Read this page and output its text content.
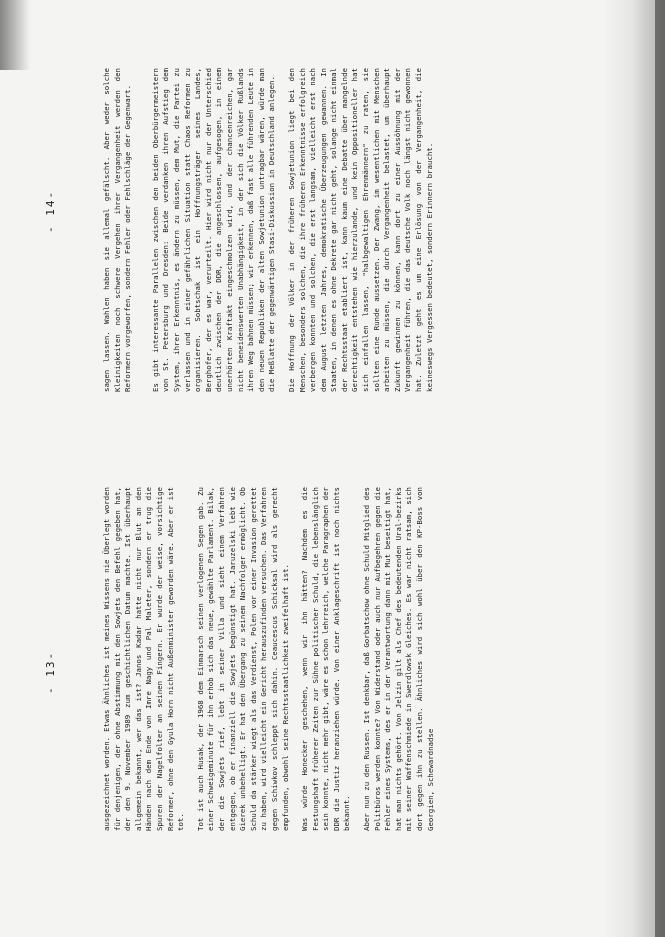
- 13-
- 14-

ausgezeichnet worden. Etwas Ähnliches ist meines Wissens nie Überlegt worden für denjenigen, der ohne Abstimmung mit den Sowjets den Befehl gegeben hat, der den 9. November 1989 zum geschichtlichen Datum machte. Ist überhaupt allgemein bekannt, wer das ist? Janos Kadar hatte nicht nur Blut an den Händen nach dem Ende von Imre Nagy und Pal Maleter, sondern er trug die Spuren der Nagelfolter an seinen Fingern. Er wurde der weise, vorsichtige Reformer, ohne den Gyula Horn nicht Außenminister geworden wäre. Aber er ist tot. Tot ist auch Husak, der 1968 dem Einmarsch seinen verlogenen Segen gab. Zu einer Schweigeminute für ihn erhob sich das neue, gewählte Parlament. Bilak, der die Sowjets rief, lebt in seiner Villa und sieht einem Verfahren entgegen, ob er finanziell die Sowjets begünstigt hat. Jaruzelski lebt wie Gierek unbehelligt. Er hat den Übergang zu seinem Nachfolger ermöglicht. Ob Schuld da stärker wiegt als das Verdienst, Polen vor einer Invasion gerettet zu haben, wird vielleicht ein Gericht herauszufinden versuchen. Das Verfahren gegen Schiwkov schleppt sich dahin. Ceaucescus Schicksal wird als gerecht empfunden, obwohl seine Rechtsstaatlichkeit zweifelhaft ist. Was würde Honecker geschehen, wenn wir ihn hätten? Nachdem es die Festungshaft früherer Zeiten zur Sühne politischer Schuld, die lebenslänglich sein konnte, nicht mehr gibt, wäre es schon lehrreich, welche Paragraphen der DDR die Justiz heranziehen würde. Von einer Anklageschrift ist noch nichts bekannt. Aber nun zu den Russen. Ist denkbar, daß Gorbatschow ohne Schuld Mitglied des Politbüros werden konnte? Von Widerstand oder auch nur Aufbegehren gegen die Fehler eines Systems, des er in der Verantwortung dann mit Mut beseitigt hat, hat man nichts gehört. Von Jelzin gilt als Chef des bedeutenden Ural-bezirks mit seiner Waffenschmiede in Swerdlowsk Gleiches. Es war nicht ratsam, sich dort gegen ihn zu stellen. Ähnliches wird sich wohl über den KP-Boss von Georgien, Schewardnadse

sagen lassen. Wahlen haben sie allemal gefälscht. Aber weder solche Kleinigkeiten noch schwere Vergehen ihrer Vergangenheit werden den Reformern vorgeworfen, sondern Fehler oder Fehlschläge der Gegenwart.	Es gibt interessante Parallelen zwischen den beiden Oberbürgermeistern von St. Petersburg und Dresden: Beide verdanken ihren Aufstieg dem System, ihrer Erkenntnis, es ändern zu müssen, dem Mut, die Partei zu verlassen und in einer gefährlichen Situation statt Chaos Reformen zu organisieren. Sobtschak ist ein Hoffnungsträger seines Landes, Berghofer, der es war, verurteilt. Hier wird nicht nur der Unterschied deutlich zwischen der DDR, die angeschlossen, aufgesogen, in einem unerhörten Kraftakt eingeschmolzen wird, und der chancenreichen, gar nicht beneidenswerten Unabhängigkeit, in der sich die Völker Rußlands ihren Weg bahnen müssen; wir erkennen, daß fast alle führenden Leute in den neuen Republiken der alten Sowjetunion untragbar wären, würde man die Meßlatte der gegenwärtigen Stasi-Diskussion in Deutschland anlegen. Die Hoffnung der Völker in der früheren Sowjetunion liegt bei den Menschen, besonders solchen, die ihre früheren Erkenntnisse erfolgreich verbergen konnten und solchen, die erst langsam, vielleicht erst nach dem August letzten Jahres, demokratische Überzeugungen gewannen. In Staaten, in denen es ohne Dekrete gar nicht geht, solange nicht einmal der Rechtsstaat etabliert ist, kann kaum eine Debatte über mangelnde Gerechtigkeit entstehen wie hierzulande, und kein Oppositioneller hat sich einfallen lassen, "halbgewaltigen Ehrenmännern" zu raten, sie sollten eine Runde aussetzen. Der Zwang, im wesentlichen mit Menschen arbeiten zu müssen, die durch Vergangenheit belastet, um überhaupt Zukunft gewinnen zu können, kann dort zu einer Aussöhnung mit der Vergangenheit führen, die das deutsche Volk noch längst nicht gewonnen hat. Zuletzt geht es um eine Erlösung von der Vergangenheit, die keineswegs Vergessen bedeutet, sondern Erinnern braucht.
